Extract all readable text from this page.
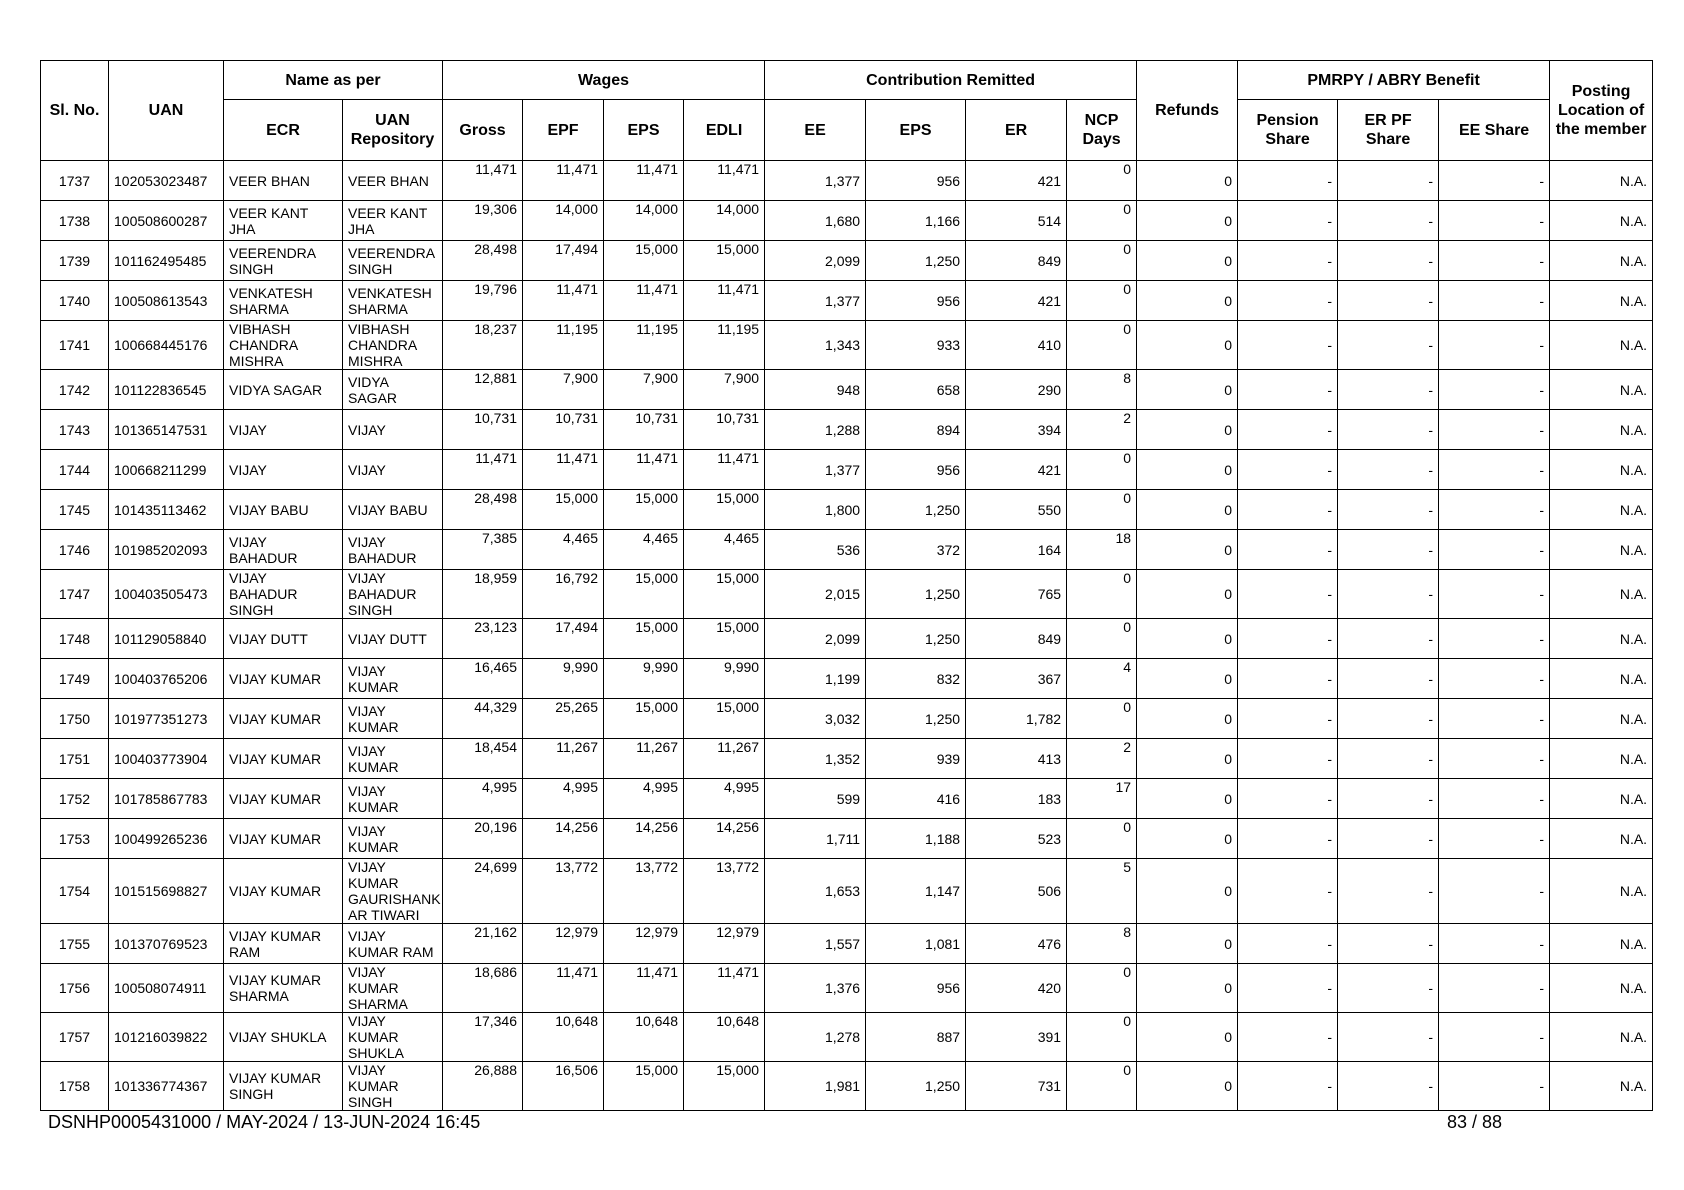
Sl. No.	UAN	Name as per		Wages				Contribution Remitted				Refunds	PMRPY / ABRY Benefit			Posting Location of the member
		ECR	UAN Repository	Gross	EPF	EPS	EDLI	EE	EPS	ER	NCP Days		Pension Share	ER PF Share	EE Share	
1737	102053023487	VEER BHAN	VEER BHAN	11,471	11,471	11,471	11,471	1,377	956	421	0	0	-	-	-	N.A.
1738	100508600287	VEER KANT JHA	VEER KANT JHA	19,306	14,000	14,000	14,000	1,680	1,166	514	0	0	-	-	-	N.A.
1739	101162495485	VEERENDRA SINGH	VEERENDRA SINGH	28,498	17,494	15,000	15,000	2,099	1,250	849	0	0	-	-	-	N.A.
1740	100508613543	VENKATESH SHARMA	VENKATESH SHARMA	19,796	11,471	11,471	11,471	1,377	956	421	0	0	-	-	-	N.A.
1741	100668445176	VIBHASH CHANDRA MISHRA	VIBHASH CHANDRA MISHRA	18,237	11,195	11,195	11,195	1,343	933	410	0	0	-	-	-	N.A.
1742	101122836545	VIDYA SAGAR	VIDYA SAGAR	12,881	7,900	7,900	7,900	948	658	290	8	0	-	-	-	N.A.
1743	101365147531	VIJAY	VIJAY	10,731	10,731	10,731	10,731	1,288	894	394	2	0	-	-	-	N.A.
1744	100668211299	VIJAY	VIJAY	11,471	11,471	11,471	11,471	1,377	956	421	0	0	-	-	-	N.A.
1745	101435113462	VIJAY BABU	VIJAY BABU	28,498	15,000	15,000	15,000	1,800	1,250	550	0	0	-	-	-	N.A.
1746	101985202093	VIJAY BAHADUR	VIJAY BAHADUR	7,385	4,465	4,465	4,465	536	372	164	18	0	-	-	-	N.A.
1747	100403505473	VIJAY BAHADUR SINGH	VIJAY BAHADUR SINGH	18,959	16,792	15,000	15,000	2,015	1,250	765	0	0	-	-	-	N.A.
1748	101129058840	VIJAY DUTT	VIJAY DUTT	23,123	17,494	15,000	15,000	2,099	1,250	849	0	0	-	-	-	N.A.
1749	100403765206	VIJAY KUMAR	VIJAY KUMAR	16,465	9,990	9,990	9,990	1,199	832	367	4	0	-	-	-	N.A.
1750	101977351273	VIJAY KUMAR	VIJAY KUMAR	44,329	25,265	15,000	15,000	3,032	1,250	1,782	0	0	-	-	-	N.A.
1751	100403773904	VIJAY KUMAR	VIJAY KUMAR	18,454	11,267	11,267	11,267	1,352	939	413	2	0	-	-	-	N.A.
1752	101785867783	VIJAY KUMAR	VIJAY KUMAR	4,995	4,995	4,995	4,995	599	416	183	17	0	-	-	-	N.A.
1753	100499265236	VIJAY KUMAR	VIJAY KUMAR	20,196	14,256	14,256	14,256	1,711	1,188	523	0	0	-	-	-	N.A.
1754	101515698827	VIJAY KUMAR	VIJAY KUMAR GAURISHANK AR TIWARI	24,699	13,772	13,772	13,772	1,653	1,147	506	5	0	-	-	-	N.A.
1755	101370769523	VIJAY KUMAR RAM	VIJAY KUMAR RAM	21,162	12,979	12,979	12,979	1,557	1,081	476	8	0	-	-	-	N.A.
1756	100508074911	VIJAY KUMAR SHARMA	VIJAY KUMAR SHARMA	18,686	11,471	11,471	11,471	1,376	956	420	0	0	-	-	-	N.A.
1757	101216039822	VIJAY SHUKLA	VIJAY KUMAR SHUKLA	17,346	10,648	10,648	10,648	1,278	887	391	0	0	-	-	-	N.A.
1758	101336774367	VIJAY KUMAR SINGH	VIJAY KUMAR SINGH	26,888	16,506	15,000	15,000	1,981	1,250	731	0	0	-	-	-	N.A.
DSNHP0005431000 / MAY-2024 / 13-JUN-2024 16:45	83 / 88
